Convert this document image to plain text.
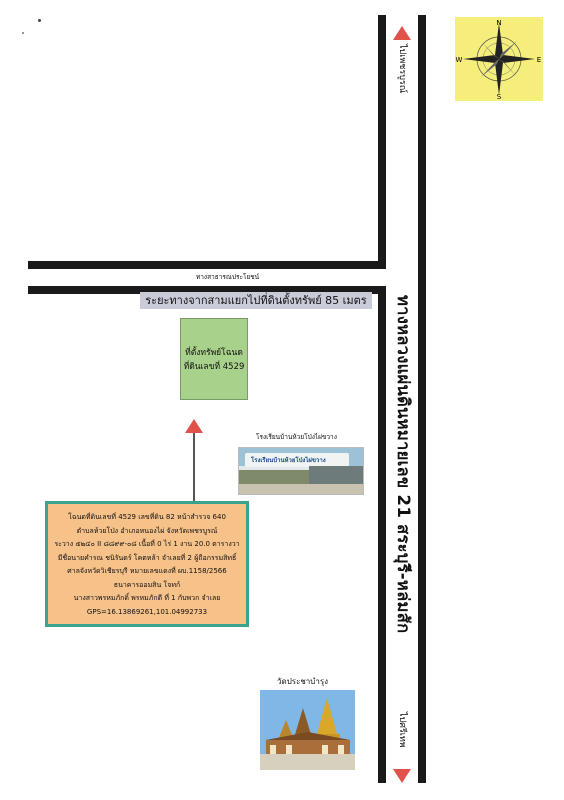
ไปเพชรบูรณ์
ไปศรีเทพ
ทางหลวงแผ่นดินหมายเลข 21 สระบุรี-หล่มสัก
ทางสาธารณประโยชน์
ระยะทางจากสามแยกไปที่ดินตั้งทรัพย์ 85 เมตร
N
S
E
W
ที่ตั้งทรัพย์โฉนด
ที่ดินเลขที่ 4529
โรงเรียนบ้านห้วยโป่งไผ่ขวาง
โรงเรียนบ้านห้วยโป่งไผ่ขวาง
โฉนดที่ดินเลขที่ 4529 เลขที่ดิน 82 หน้าสำรวจ 640
ตำบลห้วยโป่ง อำเภอหนองไผ่ จังหวัดเพชรบูรณ์
ระวาง ๕๒๔๐ II ๘๘๙๙-๐๘ เนื้อที่ 0 ไร่ 1 งาน 20.0 ตารางวา
มีชื่อนายคำรณ ชนิรันดร์ โคตหล้า จำเลยที่ 2 ผู้ถือกรรมสิทธิ์
ศาลจังหวัดวิเชียรบุรี หมายเลขแดงที่ ผบ.1158/2566
ธนาคารออมสิน โจทก์
นางสาวพรหมภักดิ์ พรหมภักดี ที่ 1 กับพวก จำเลย
GPS=16.13869261,101.04992733
วัดประชาบำรุง
